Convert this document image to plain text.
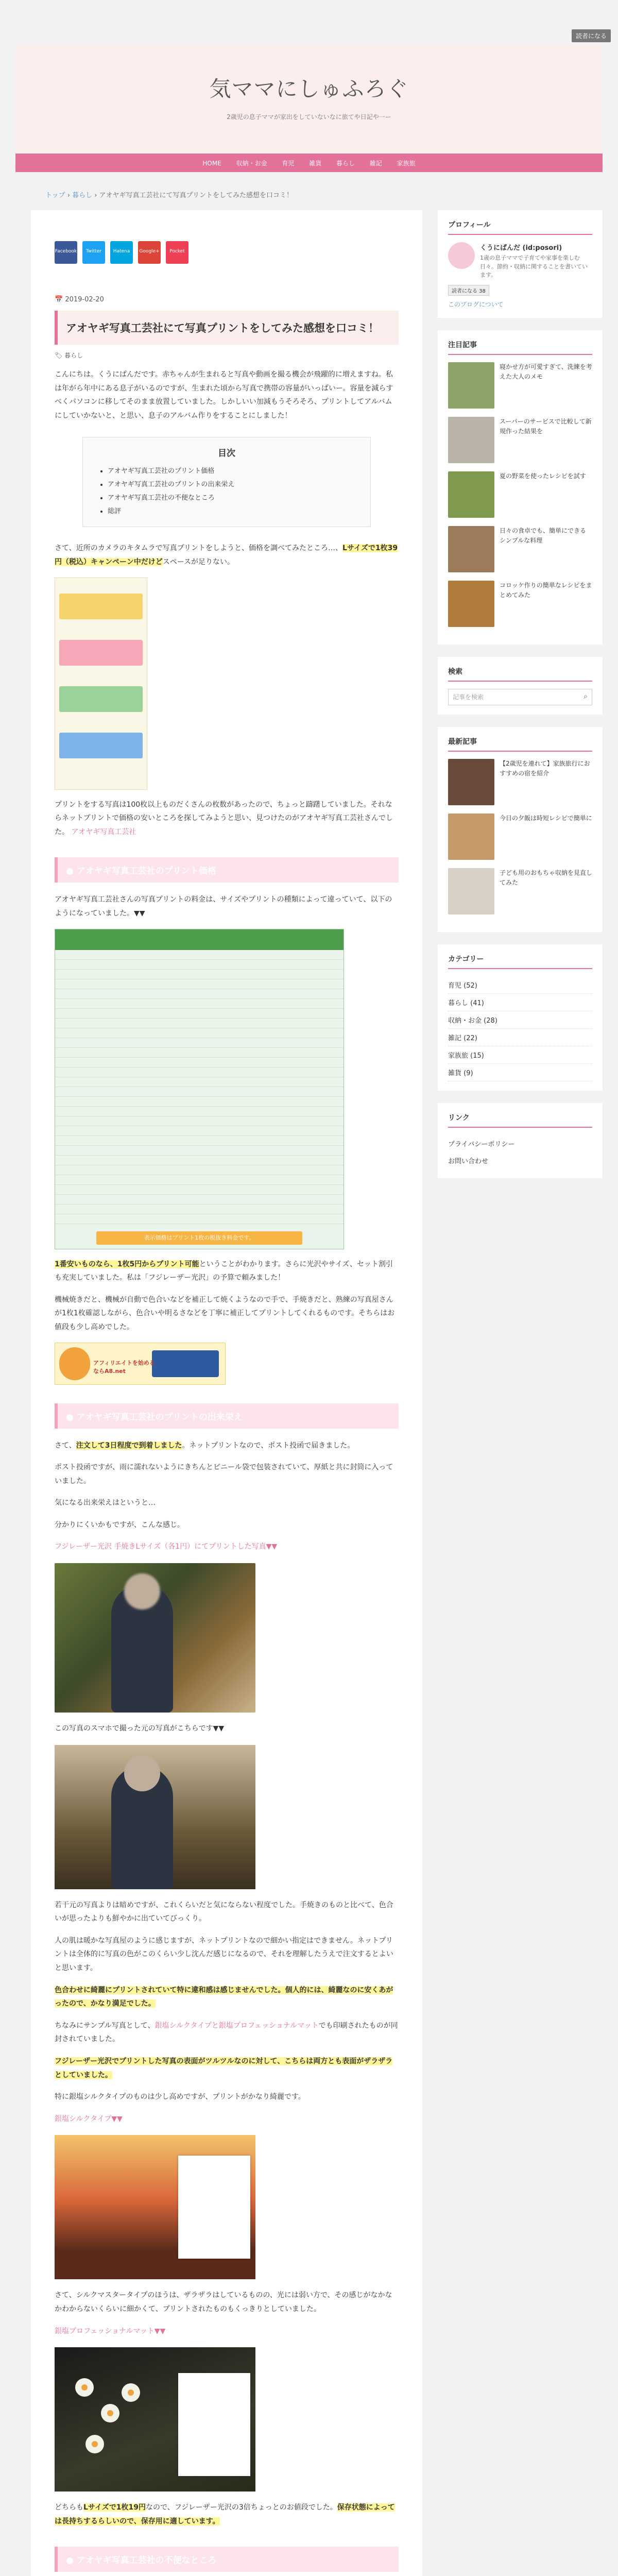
読者になる
気ママにしゅふろぐ
2歳児の息子ママが家出をしていないなに旅てや日記や一ー
HOME 収納・お金 育児 雑貨 暮らし 雑記 家族旅
トップ › 暮らし › アオヤギ写真工芸社にて写真プリントをしてみた感想を口コミ！
Facebook	Twitter	Hatena	Google+	Pocket
📅 2019-02-20
アオヤギ写真工芸社にて写真プリントをしてみた感想を口コミ！
🏷 暮らし

こんにちは。くうにぱんだです。赤ちゃんが生まれると写真や動画を撮る機会が飛躍的に増えますね。私は年がら年中にある息子がいるのですが、生まれた頃から写真で携帯の容量がいっぱいー。容量を減らすべくパソコンに移してそのまま放置していました。しかしいい加減もうそろそろ、プリントしてアルバムにしていかないと、と思い、息子のアルバム作りをすることにしました！

目次
• アオヤギ写真工芸社のプリント価格
• アオヤギ写真工芸社のプリントの出来栄え
• アオヤギ写真工芸社の不便なところ
• 総評

さて、近所のカメラのキタムラで写真プリントをしようと、価格を調べてみたところ…、Lサイズで1枚39円（税込）キャンペーン中だけどスペースが足りない。

プリントをする写真は100枚以上ものだくさんの枚数があったので、ちょっと躊躇していました。それならネットプリントで価格の安いところを探してみようと思い、見つけたのがアオヤギ写真工芸社さんでした。 アオヤギ写真工芸社

● アオヤギ写真工芸社のプリント価格

アオヤギ写真工芸社さんの写真プリントの料金は、サイズやプリントの種類によって違っていて、以下のようになっていました。▼▼

表示価格はプリント1枚の税抜き料金です。

1番安いものなら、1枚5円からプリント可能ということがわかります。さらに光沢やサイズ、セット割引も充実していました。私は「フジレーザー光沢」の予算で頼みました！

機械焼きだと、機械が自動で色合いなどを補正して焼くようなので手で、手焼きだと、熟練の写真屋さんが1枚1枚確認しながら、色合いや明るさなどを丁寧に補正してプリントしてくれるものです。そちらはお値段も少し高めでした。

アフィリエイトを始めるならA8.net
● アオヤギ写真工芸社のプリントの出来栄え

さて、注文して3日程度で到着しました。ネットプリントなので、ポスト投函で届きました。

ポスト投函ですが、雨に濡れないようにきちんとビニール袋で包装されていて、厚紙と共に封筒に入っていました。

気になる出来栄えはというと…

分かりにくいかもですが、こんな感じ。

フジレーザー光沢 手焼きLサイズ（各1円）にてプリントした写真▼▼

この写真のスマホで撮った元の写真がこちらです▼▼

若干元の写真よりは暗めですが、これくらいだと気にならない程度でした。手焼きのものと比べて、色合いが思ったよりも鮮やかに出ていてびっくり。

人の肌は暖かな写真屋のように感じますが、ネットプリントなので細かい指定はできません。ネットプリントは全体的に写真の色がこのくらい少し沈んだ感じになるので、それを理解したうえで注文するとよいと思います。

色合わせに綺麗にプリントされていて特に違和感は感じませんでした。個人的には、綺麗なのに安くあがったので、かなり満足でした。

ちなみにサンプル写真として、銀塩シルクタイプと銀塩プロフェッショナルマットでも印刷されたものが同封されていました。

フジレーザー光沢でプリントした写真の表面がツルツルなのに対して、こちらは両方とも表面がザラザラとしていました。

特に銀塩シルクタイプのものは少し高めですが、プリントがかなり綺麗です。

銀塩シルクタイプ▼▼

さて、シルクマスタータイプのほうは、ザラザラはしているものの、光には弱い方で、その感じがなかなかわからないくらいに細かくて、プリントされたものもくっきりとしていました。

銀塩プロフェッショナルマット▼▼

どちらもLサイズで1枚19円なので、フジレーザー光沢の3倍ちょっとのお値段でした。保存状態によっては長持ちするらしいので、保存用に適しています。

● アオヤギ写真工芸社の不便なところ

プロフィール
くうにぱんだ (id:posori)
1歳の息子ママで子育てや家事を楽しむ日々。節約・収納に関することを書いています。
読者になる 38
このブログについて
注目記事
寝かせ方が可愛すぎて、洗練を考えた大人のメモ
スーパーのサービスで比較して新規作った結果を
夏の野菜を使ったレシピを試す
日々の食卓でも、簡単にできるシンプルな料理
コロッケ作りの簡単なレシピをまとめてみた
検索
記事を検索	⌕
最新記事
【2歳児を連れて】家族旅行におすすめの宿を紹介
今日の夕飯は時短レシピで簡単に
子ども用のおもちゃ収納を見直してみた
カテゴリー
育児 (52)
暮らし (41)
収納・お金 (28)
雑記 (22)
家族旅 (15)
雑貨 (9)
リンク
プライバシーポリシー
お問い合わせ
